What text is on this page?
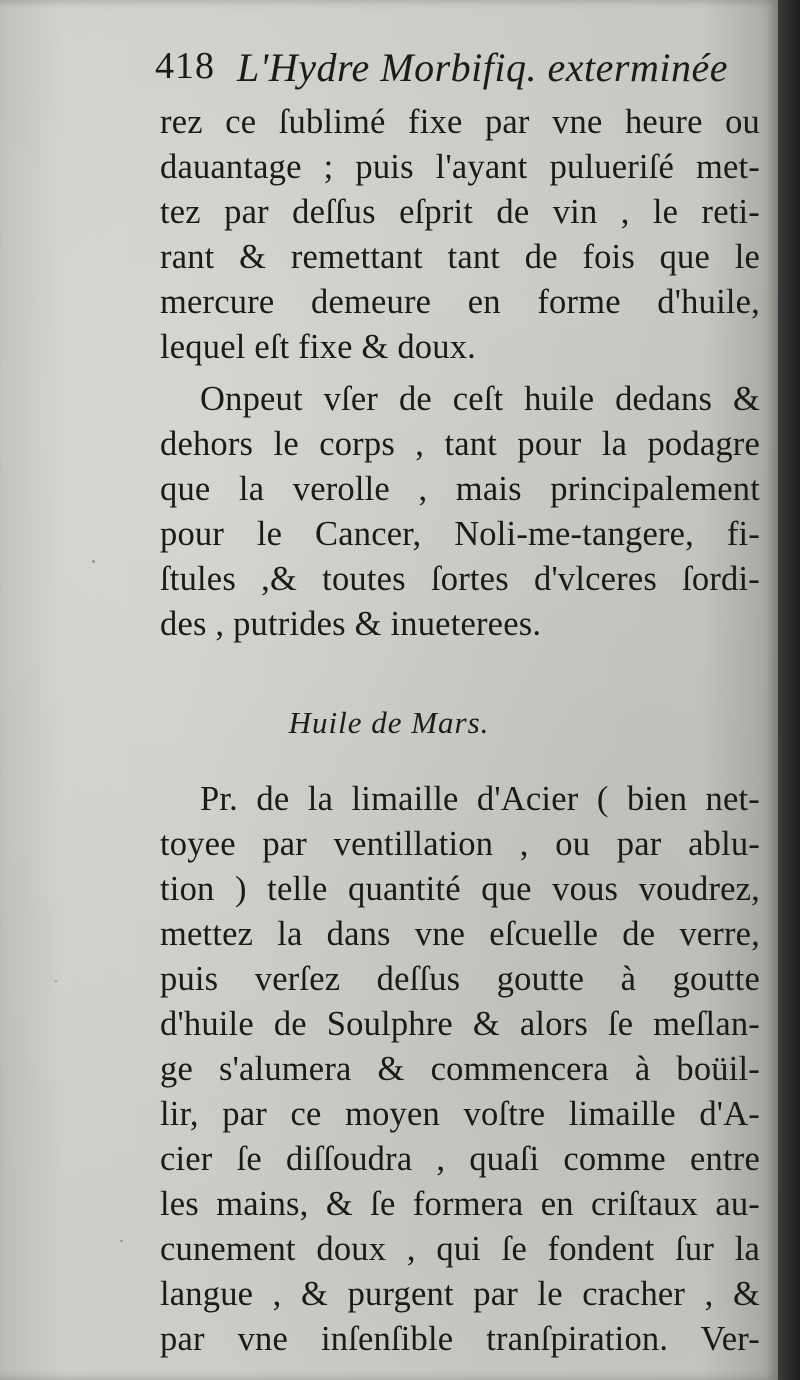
418 L'Hydre Morbifiq. exterminée
rez ce ſublimé fixe par vne heure ou
dauantage ; puis l'ayant pulueriſé met-
tez par deſſus eſprit de vin , le reti-
rant & remettant tant de fois que le
mercure demeure en forme d'huile,
lequel eſt fixe & doux.
Onpeut vſer de ceſt huile dedans &
dehors le corps , tant pour la podagre
que la verolle , mais principalement
pour le Cancer, Noli-me-tangere, fi-
ſtules ,& toutes ſortes d'vlceres ſordi-
des , putrides & inueterees.
Huile de Mars.
Pr. de la limaille d'Acier ( bien net-
toyee par ventillation , ou par ablu-
tion ) telle quantité que vous voudrez,
mettez la dans vne eſcuelle de verre,
puis verſez deſſus goutte à goutte
d'huile de Soulphre & alors ſe meſlan-
ge s'alumera & commencera à boüil-
lir, par ce moyen voſtre limaille d'A-
cier ſe diſſoudra , quaſi comme entre
les mains, & ſe formera en criſtaux au-
cunement doux , qui ſe fondent ſur la
langue , & purgent par le cracher , &
par vne inſenſible tranſpiration. Ver-
